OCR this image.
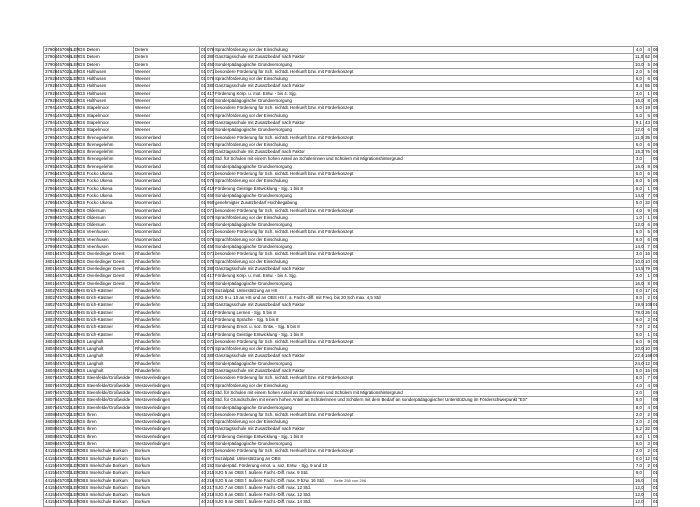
37904	457066	LER	GS Detern	Detern	01	076	Sprachförderung vor der Einschulung	4,0	4	06
37904	457066	LER	GS Detern	Detern	01	380	Ganztagsschule mit Zusatzbedarf nach Faktor	11,0	62	06
37904	457066	LER	GS Detern	Detern	01	450	Sonderpädagogische Grundversorgung	10,0	5	06
37928	457021	LER	GS Holthusen	Weener	01	071	besondere Förderung für Sch. nichtdt. Herkunft bzw. mit Förderkonzept	2,0	5	05
37928	457021	LER	GS Holthusen	Weener	01	076	Sprachförderung vor der Einschulung	6,0	6	05
37928	457021	LER	GS Holthusen	Weener	01	380	Ganztagsschule mit Zusatzbedarf nach Faktor	8,4	55	05
37928	457021	LER	GS Holthusen	Weener	01	417	Förderung Körp. u. mot. Entw. - bis 4. Sjg.	3,0	1	05
37928	457021	LER	GS Holthusen	Weener	01	450	Sonderpädagogische Grundversorgung	16,0	8	05
37941	457021	LER	GS Stapelmoor	Weener	01	071	besondere Förderung für Sch. nichtdt. Herkunft bzw. mit Förderkonzept	5,0	19	05
37941	457021	LER	GS Stapelmoor	Weener	01	076	Sprachförderung vor der Einschulung	5,0	5	05
37941	457021	LER	GS Stapelmoor	Weener	01	380	Ganztagsschule mit Zusatzbedarf nach Faktor	9,1	43	05
37941	457021	LER	GS Stapelmoor	Weener	01	450	Sonderpädagogische Grundversorgung	12,0	6	05
37953	457014	LER	GS Ihrenegelehm	Moormerland	01	071	besondere Förderung für Sch. nichtdt. Herkunft bzw. mit Förderkonzept	11,0	35	05
37953	457014	LER	GS Ihrenegelehm	Moormerland	01	076	Sprachförderung vor der Einschulung	6,0	6	05
37953	457014	LER	GS Ihrenegelehm	Moormerland	01	380	Ganztagsschule mit Zusatzbedarf nach Faktor	15,3	76	05
37953	457014	LER	GS Ihrenegelehm	Moormerland	01	401	Std. für Schulen mit einem hohen Anteil an Schülerinnen und Schülern mit Migrationshintergrund	3,0		05
37953	457014	LER	GS Ihrenegelehm	Moormerland	01	450	Sonderpädagogische Grundversorgung	16,0	8	05
37965	457014	LER	GS Focko Ukena	Moormerland	01	071	besondere Förderung für Sch. nichtdt. Herkunft bzw. mit Förderkonzept	5,0	6	05
37965	457014	LER	GS Focko Ukena	Moormerland	01	076	Sprachförderung vor der Einschulung	5,0	5	05
37965	457014	LER	GS Focko Ukena	Moormerland	01	419	Förderung Geistige Entwicklung - Sjg. 1 bis 8	5,0	1	05
37965	457014	LER	GS Focko Ukena	Moormerland	01	450	Sonderpädagogische Grundversorgung	14,0	7	05
37965	457014	LER	GS Focko Ukena	Moormerland	01	950	genehmigter Zusatzbedarf Hochbegabung	5,0	32	05
37989	457014	LER	GS Oldersum	Moormerland	01	071	besondere Förderung für Sch. nichtdt. Herkunft bzw. mit Förderkonzept	4,0	9	05
37989	457014	LER	GS Oldersum	Moormerland	01	076	Sprachförderung vor der Einschulung	1,0	1	05
37989	457014	LER	GS Oldersum	Moormerland	01	450	Sonderpädagogische Grundversorgung	12,0	6	05
37990	457014	LER	GS Veenhusen	Moormerland	01	071	besondere Förderung für Sch. nichtdt. Herkunft bzw. mit Förderkonzept	5,0	5	05
37990	457014	LER	GS Veenhusen	Moormerland	01	076	Sprachförderung vor der Einschulung	6,0	6	05
37990	457014	LER	GS Veenhusen	Moormerland	01	450	Sonderpädagogische Grundversorgung	14,0	7	05
38015	457018	LER	GS Overledinger Geest	Rhauderfehn	01	071	besondere Förderung für Sch. nichtdt. Herkunft bzw. mit Förderkonzept	3,0	16	05
38015	457018	LER	GS Overledinger Geest	Rhauderfehn	01	076	Sprachförderung vor der Einschulung	10,0	10	05
38015	457018	LER	GS Overledinger Geest	Rhauderfehn	01	380	Ganztagsschule mit Zusatzbedarf nach Faktor	14,5	79	05
38015	457018	LER	GS Overledinger Geest	Rhauderfehn	01	417	Förderung Körp. u. mot. Entw. - bis 4. Sjg.	3,0	1	05
38015	457018	LER	GS Overledinger Geest	Rhauderfehn	01	450	Sonderpädagogische Grundversorgung	16,0	8	05
38027	457018	LER	HS Erich-Kästner	Rhauderfehn	11	079	Sozialpäd. Unterstützung an HS	0,0	17	01
38027	457018	LER	HS Erich-Kästner	Rhauderfehn	11	201	SJG 9 u. 10 an HS und an OBS HS f. a. Facht.-diff. mit Freq. bis 20 Sch max. 4,5 Std	9,0	2	01
38027	457018	LER	HS Erich-Kästner	Rhauderfehn	11	380	Ganztagsschule mit Zusatzbedarf nach Faktor	19,9	109	01
38027	457018	LER	HS Erich-Kästner	Rhauderfehn	11	410	Förderung Lernen - Sjg. 5 bis 8	78,0	26	01
38027	457018	LER	HS Erich-Kästner	Rhauderfehn	11	411	Förderung Sprache - Sjg. 5 bis 8	6,0	2	01
38027	457018	LER	HS Erich-Kästner	Rhauderfehn	11	412	Förderung Emot. u. soz. Entw. - Sjg. 5 bis 8	7,0	2	01
38027	457018	LER	HS Erich-Kästner	Rhauderfehn	11	419	Förderung Geistige Entwicklung - Sjg. 1 bis 8	5,0	1	01
38040	457018	LER	GS Langholt	Rhauderfehn	01	071	besondere Förderung für Sch. nichtdt. Herkunft bzw. mit Förderkonzept	6,0	9	05
38040	457018	LER	GS Langholt	Rhauderfehn	01	076	Sprachförderung vor der Einschulung	10,0	10	05
38040	457018	LER	GS Langholt	Rhauderfehn	01	380	Ganztagsschule mit Zusatzbedarf nach Faktor	22,4	168	05
38040	457018	LER	GS Langholt	Rhauderfehn	01	450	Sonderpädagogische Grundversorgung	24,0	12	05
38040	457018	LER	GS Langholt	Rhauderfehn	02	380	Ganztagsschule mit Zusatzbedarf nach Faktor	5,0	15	05
38076	457022	LER	GS Steenfelde/Großwolde	Westoverledingen	01	071	besondere Förderung für Sch. nichtdt. Herkunft bzw. mit Förderkonzept	8,0	7	05
38076	457022	LER	GS Steenfelde/Großwolde	Westoverledingen	01	076	Sprachförderung vor der Einschulung	4,0	4	05
38076	457022	LER	GS Steenfelde/Großwolde	Westoverledingen	01	401	Std. für Schulen mit einem hohen Anteil an Schülerinnen und Schülern mit Migrationshintergrund	2,0		05
38076	457022	LER	GS Steenfelde/Großwolde	Westoverledingen	01	403	Std. für Grundschulen mit einem hohen Anteil an Schülerinnen und Schülern mit dem Bedarf an sonderpädagogischer Unterstützung im Förderschwerpunkt "ES"	5,0		05
38076	457022	LER	GS Steenfelde/Großwolde	Westoverledingen	01	450	Sonderpädagogische Grundversorgung	8,0	4	05
38088	457022	LER	GS Ihren	Westoverledingen	01	071	besondere Förderung für Sch. nichtdt. Herkunft bzw. mit Förderkonzept	2,0	2	05
38088	457022	LER	GS Ihren	Westoverledingen	01	076	Sprachförderung vor der Einschulung	2,0	2	05
38088	457022	LER	GS Ihren	Westoverledingen	01	380	Ganztagsschule mit Zusatzbedarf nach Faktor	5,2	32	05
38088	457022	LER	GS Ihren	Westoverledingen	01	419	Förderung Geistige Entwicklung - Sjg. 1 bis 8	5,0	1	05
38088	457022	LER	GS Ihren	Westoverledingen	01	450	Sonderpädagogische Grundversorgung	6,0	3	05
44155	457002	LER	OBS Inselschule Borkum	Borkum	40	071	besondere Förderung für Sch. nichtdt. Herkunft bzw. mit Förderkonzept	2,0	2	01
44155	457002	LER	OBS Inselschule Borkum	Borkum	40	077	Sozialpäd. Unterstützung an OBS	0,0	12	01
44155	457002	LER	OBS Inselschule Borkum	Borkum	40	153	Sonderpäd. Förderung emot. u. soz. Entw. - Sjg. 9 und 10	7,0	2	01
44155	457002	LER	OBS Inselschule Borkum	Borkum	40	215	SJG 5 an OBS f. äußere Facht.-Diff. max. 9 Std.	9,0		01
44155	457002	LER	OBS Inselschule Borkum	Borkum	40	216	SJG 6 an OBS f. äußere Facht.-Diff. max. 9 bzw. 16 Std.	16,0		01
44155	457002	LER	OBS Inselschule Borkum	Borkum	40	217	SJG 7 an OBS f. äußere Facht.-Diff. max. 12 Std.	12,0		01
44155	457002	LER	OBS Inselschule Borkum	Borkum	40	218	SJG 8 an OBS f. äußere Facht.-Diff. max. 12 Std.	12,0		01
44155	457002	LER	OBS Inselschule Borkum	Borkum	40	219	SJG 9 an OBS f. äußere Facht.-Diff. max. 14 Std.	12,0		01
Seite 258 von 296
